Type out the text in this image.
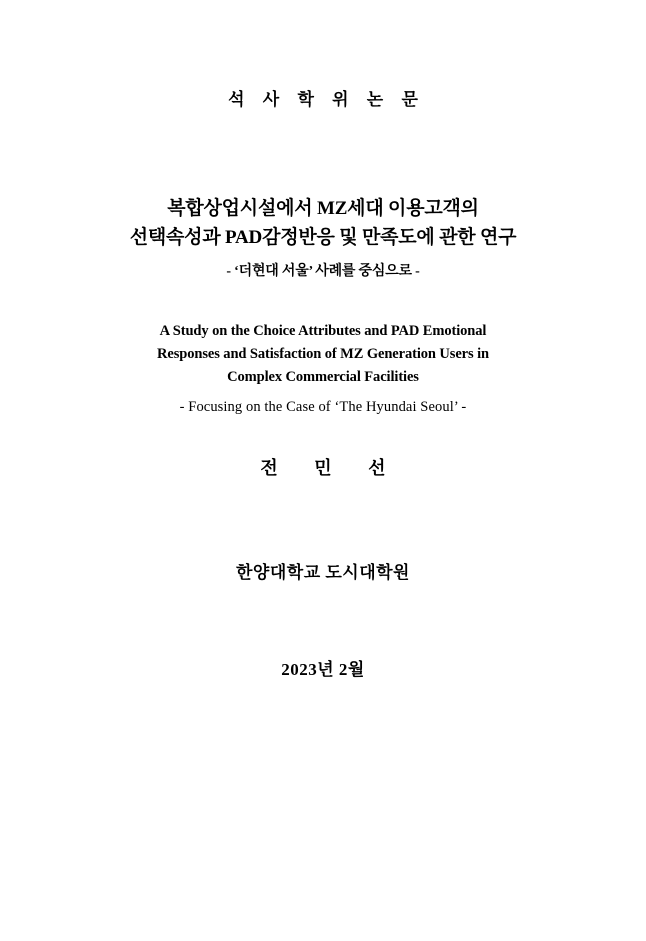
석 사 학 위 논 문
복합상업시설에서 MZ세대 이용고객의
선택속성과 PAD감정반응 및 만족도에 관한 연구
- ‘더현대 서울’ 사례를 중심으로 -
A Study on the Choice Attributes and PAD Emotional
Responses and Satisfaction of MZ Generation Users in
Complex Commercial Facilities
- Focusing on the Case of ‘The Hyundai Seoul’ -
전 민 선
한양대학교 도시대학원
2023년 2월
